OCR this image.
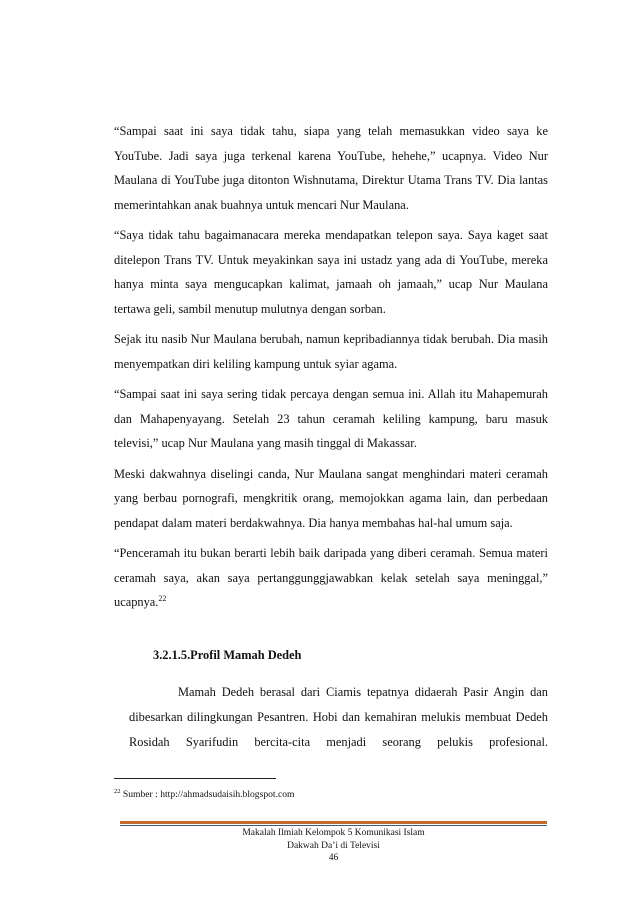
“Sampai saat ini saya tidak tahu, siapa yang telah memasukkan video saya ke YouTube. Jadi saya juga terkenal karena YouTube, hehehe,” ucapnya. Video Nur Maulana di YouTube juga ditonton Wishnutama, Direktur Utama Trans TV. Dia lantas memerintahkan anak buahnya untuk mencari Nur Maulana.

“Saya tidak tahu bagaimanacara mereka mendapatkan telepon saya. Saya kaget saat ditelepon Trans TV. Untuk meyakinkan saya ini ustadz yang ada di YouTube, mereka hanya minta saya mengucapkan kalimat, jamaah oh jamaah,” ucap Nur Maulana tertawa geli, sambil menutup mulutnya dengan sorban.

Sejak itu nasib Nur Maulana berubah, namun kepribadiannya tidak berubah. Dia masih menyempatkan diri keliling kampung untuk syiar agama.

“Sampai saat ini saya sering tidak percaya dengan semua ini. Allah itu Mahapemurah dan Mahapenyayang. Setelah 23 tahun ceramah keliling kampung, baru masuk televisi,” ucap Nur Maulana yang masih tinggal di Makassar.

Meski dakwahnya diselingi canda, Nur Maulana sangat menghindari materi ceramah yang berbau pornografi, mengkritik orang, memojokkan agama lain, dan perbedaan pendapat dalam materi berdakwahnya. Dia hanya membahas hal-hal umum saja.

“Penceramah itu bukan berarti lebih baik daripada yang diberi ceramah. Semua materi ceramah saya, akan saya pertanggunggjawabkan kelak setelah saya meninggal,” ucapnya.$^{22}$

3.2.1.5.Profil Mamah Dedeh

Mamah Dedeh berasal dari Ciamis tepatnya didaerah Pasir Angin dan dibesarkan dilingkungan Pesantren. Hobi dan kemahiran melukis membuat Dedeh Rosidah Syarifudin bercita-cita menjadi seorang pelukis profesional.

$^{22}$ Sumber : http://ahmadsudaisih.blogspot.com
Makalah Ilmiah Kelompok 5 Komunikasi Islam
Dakwah Da’i di Televisi
46
